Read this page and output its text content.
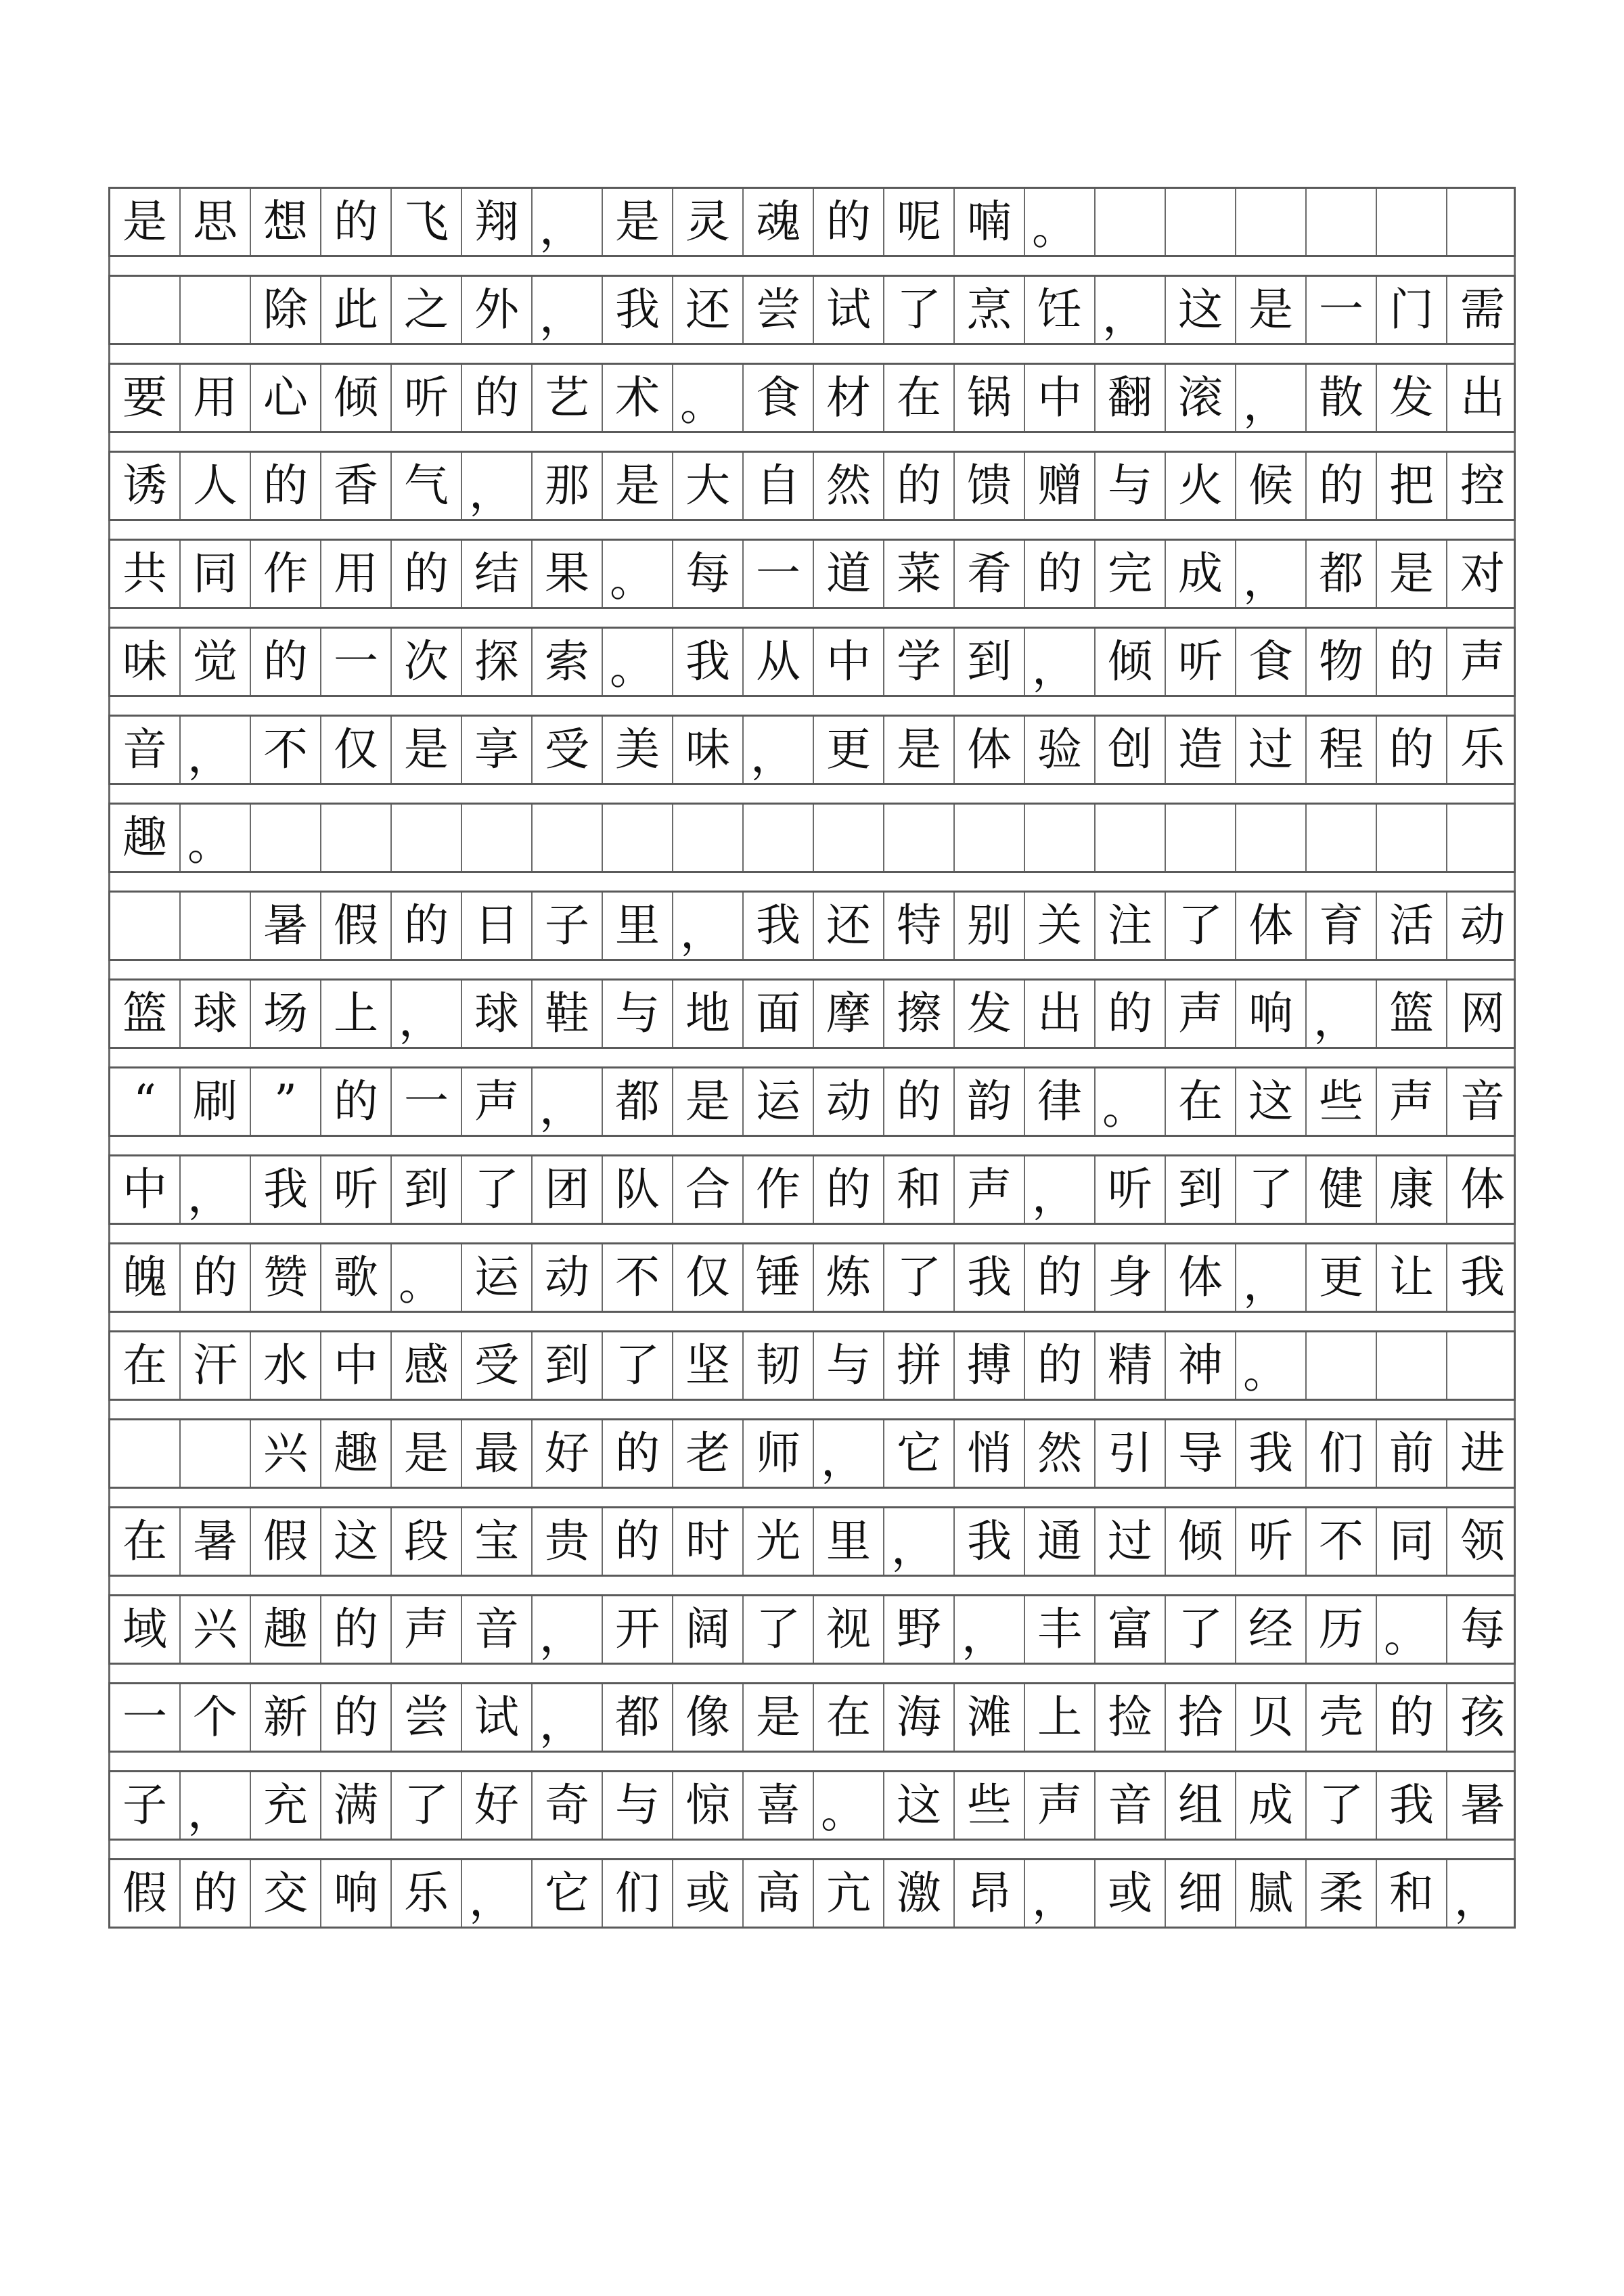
是 思 想 的 飞 翔 ， 是 灵 魂 的 呢 喃 。
除 此 之 外 ， 我 还 尝 试 了 烹 饪 ， 这 是 一 门 需
要 用 心 倾 听 的 艺 术 。 食 材 在 锅 中 翻 滚 ， 散 发 出
诱 人 的 香 气 ， 那 是 大 自 然 的 馈 赠 与 火 候 的 把 控
共 同 作 用 的 结 果 。 每 一 道 菜 肴 的 完 成 ， 都 是 对
味 觉 的 一 次 探 索 。 我 从 中 学 到 ， 倾 听 食 物 的 声
音 ， 不 仅 是 享 受 美 味 ， 更 是 体 验 创 造 过 程 的 乐
趣 。
暑 假 的 日 子 里 ， 我 还 特 别 关 注 了 体 育 活 动
篮 球 场 上 ， 球 鞋 与 地 面 摩 擦 发 出 的 声 响 ， 篮 网
“ 刷 ” 的 一 声 ， 都 是 运 动 的 韵 律 。 在 这 些 声 音
中 ， 我 听 到 了 团 队 合 作 的 和 声 ， 听 到 了 健 康 体
魄 的 赞 歌 。 运 动 不 仅 锤 炼 了 我 的 身 体 ， 更 让 我
在 汗 水 中 感 受 到 了 坚 韧 与 拼 搏 的 精 神 。
兴 趣 是 最 好 的 老 师 ， 它 悄 然 引 导 我 们 前 进
在 暑 假 这 段 宝 贵 的 时 光 里 ， 我 通 过 倾 听 不 同 领
域 兴 趣 的 声 音 ， 开 阔 了 视 野 ， 丰 富 了 经 历 。 每
一 个 新 的 尝 试 ， 都 像 是 在 海 滩 上 捡 拾 贝 壳 的 孩
子 ， 充 满 了 好 奇 与 惊 喜 。 这 些 声 音 组 成 了 我 暑
假 的 交 响 乐 ， 它 们 或 高 亢 激 昂 ， 或 细 腻 柔 和 ，
